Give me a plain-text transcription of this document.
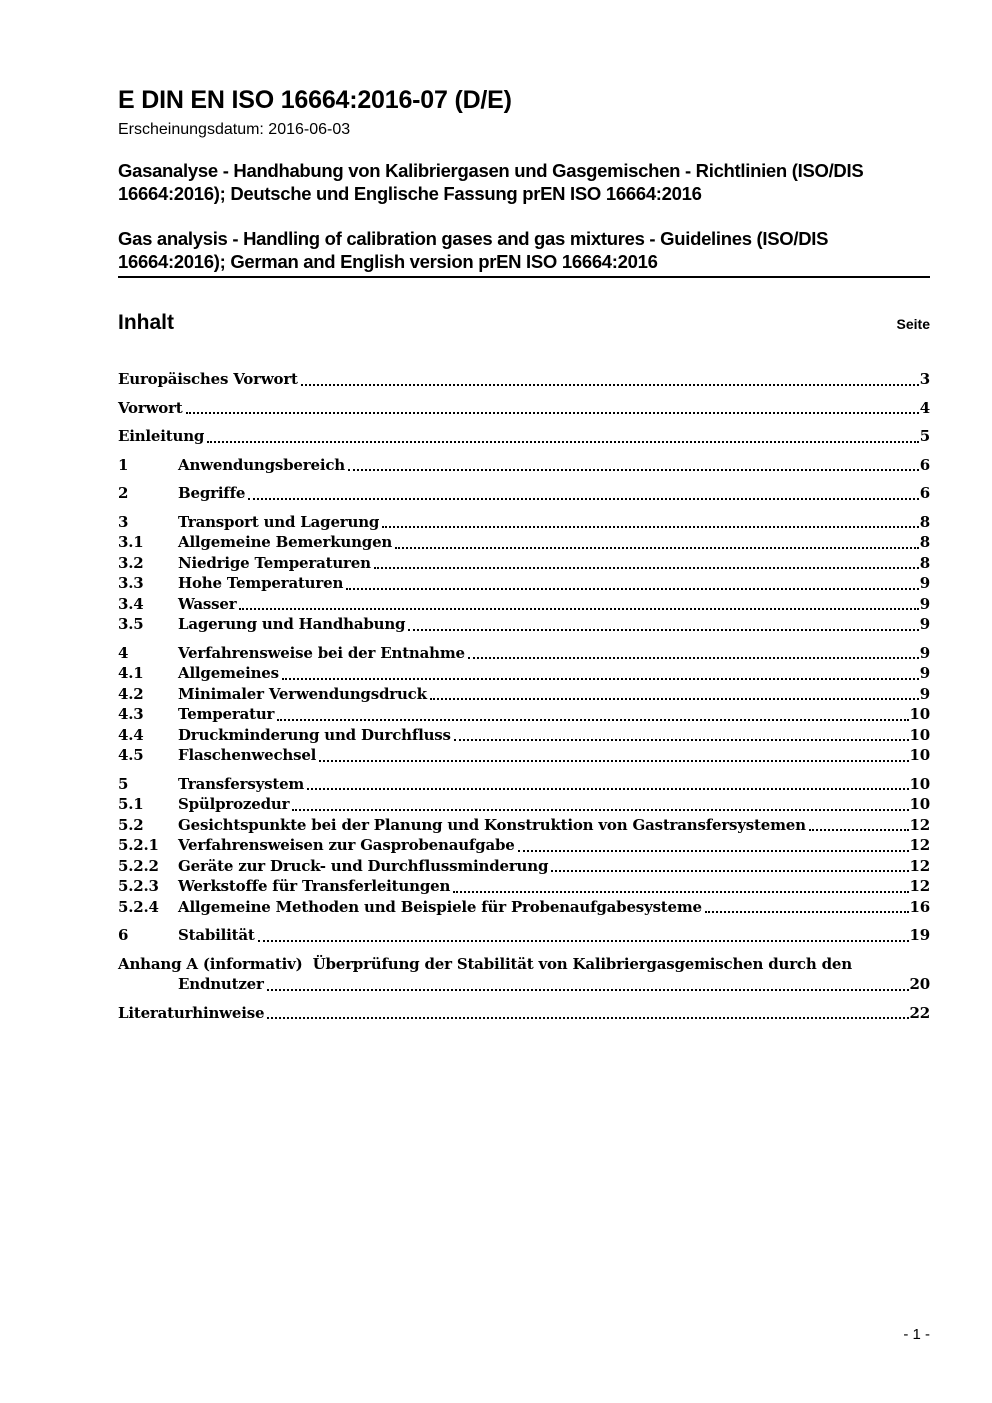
E DIN EN ISO 16664:2016-07 (D/E)
Erscheinungsdatum: 2016-06-03
Gasanalyse - Handhabung von Kalibriergasen und Gasgemischen - Richtlinien (ISO/DIS 16664:2016); Deutsche und Englische Fassung prEN ISO 16664:2016
Gas analysis - Handling of calibration gases and gas mixtures - Guidelines (ISO/DIS 16664:2016); German and English version prEN ISO 16664:2016
Inhalt	Seite
Europäisches Vorwort	3
Vorwort	4
Einleitung	5
1	Anwendungsbereich	6
2	Begriffe	6
3	Transport und Lagerung	8
3.1	Allgemeine Bemerkungen	8
3.2	Niedrige Temperaturen	8
3.3	Hohe Temperaturen	9
3.4	Wasser	9
3.5	Lagerung und Handhabung	9
4	Verfahrensweise bei der Entnahme	9
4.1	Allgemeines	9
4.2	Minimaler Verwendungsdruck	9
4.3	Temperatur	10
4.4	Druckminderung und Durchfluss	10
4.5	Flaschenwechsel	10
5	Transfersystem	10
5.1	Spülprozedur	10
5.2	Gesichtspunkte bei der Planung und Konstruktion von Gastransfersystemen	12
5.2.1	Verfahrensweisen zur Gasprobenaufgabe	12
5.2.2	Geräte zur Druck- und Durchflussminderung	12
5.2.3	Werkstoffe für Transferleitungen	12
5.2.4	Allgemeine Methoden und Beispiele für Probenaufgabesysteme	16
6	Stabilität	19
Anhang A (informativ)  Überprüfung der Stabilität von Kalibriergasgemischen durch den
Endnutzer	20
Literaturhinweise	22
- 1 -
